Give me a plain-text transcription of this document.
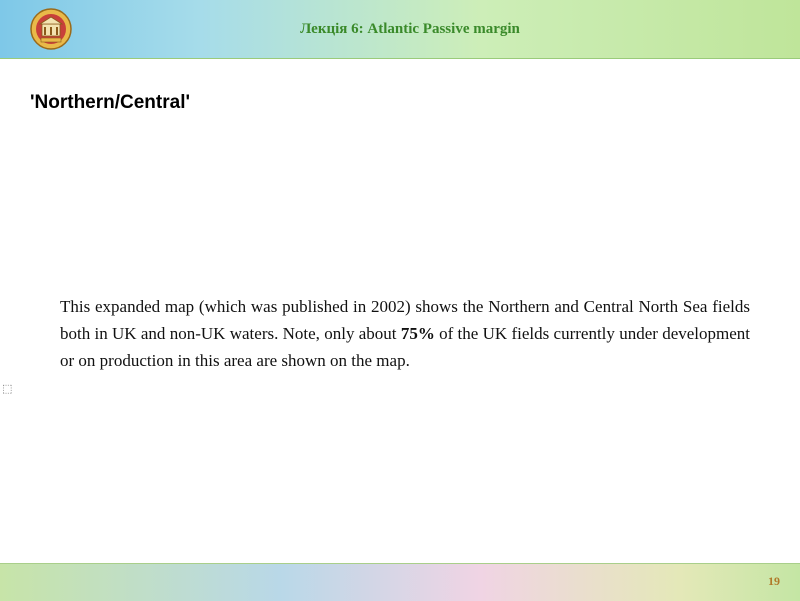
Лекція 6: Atlantic Passive margin
'Northern/Central'
⬚
This expanded map (which was published in 2002) shows the Northern and Central North Sea fields both in UK and non-UK waters. Note, only about 75% of the UK fields currently under development or on production in this area are shown on the map.
19
